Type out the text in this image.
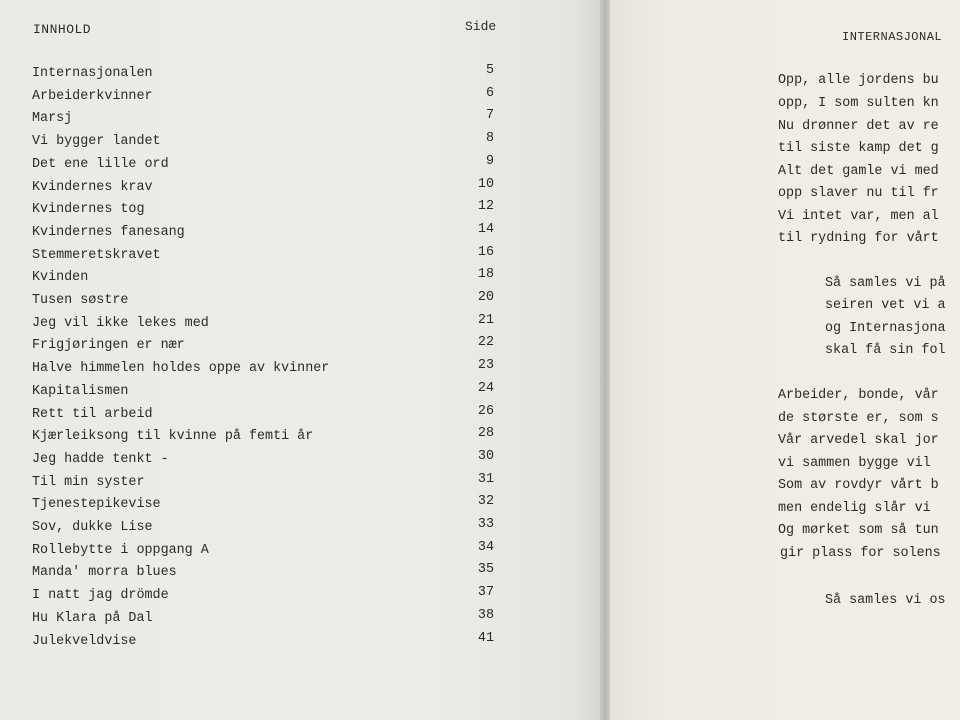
INNHOLD	Side
Internasjonalen	5
Arbeiderkvinner	6
Marsj	7
Vi bygger landet	8
Det ene lille ord	9
Kvindernes krav	10
Kvindernes tog	12
Kvindernes fanesang	14
Stemmeretskravet	16
Kvinden	18
Tusen søstre	20
Jeg vil ikke lekes med	21
Frigjøringen er nær	22
Halve himmelen holdes oppe av kvinner	23
Kapitalismen	24
Rett til arbeid	26
Kjærleiksong til kvinne på femti år	28
Jeg hadde tenkt -	30
Til min syster	31
Tjenestepikevise	32
Sov, dukke Lise	33
Rollebytte i oppgang A	34
Manda' morra blues	35
I natt jag drömde	37
Hu Klara på Dal	38
Julekveldvise	41
INTERNASJONAL
Opp, alle jordens bu
opp, I som sulten kn
Nu drønner det av re
til siste kamp det g
Alt det gamle vi med
opp slaver nu til fr
Vi intet var, men al
til rydning for vårt
Så samles vi på
seiren vet vi a
og Internasjona
skal få sin fol
Arbeider, bonde, vår
de største er, som s
Vår arvedel skal jor
vi sammen bygge vil
Som av rovdyr vårt b
men endelig slår vi
Og mørket som så tun
gir plass for solens
Så samles vi os
